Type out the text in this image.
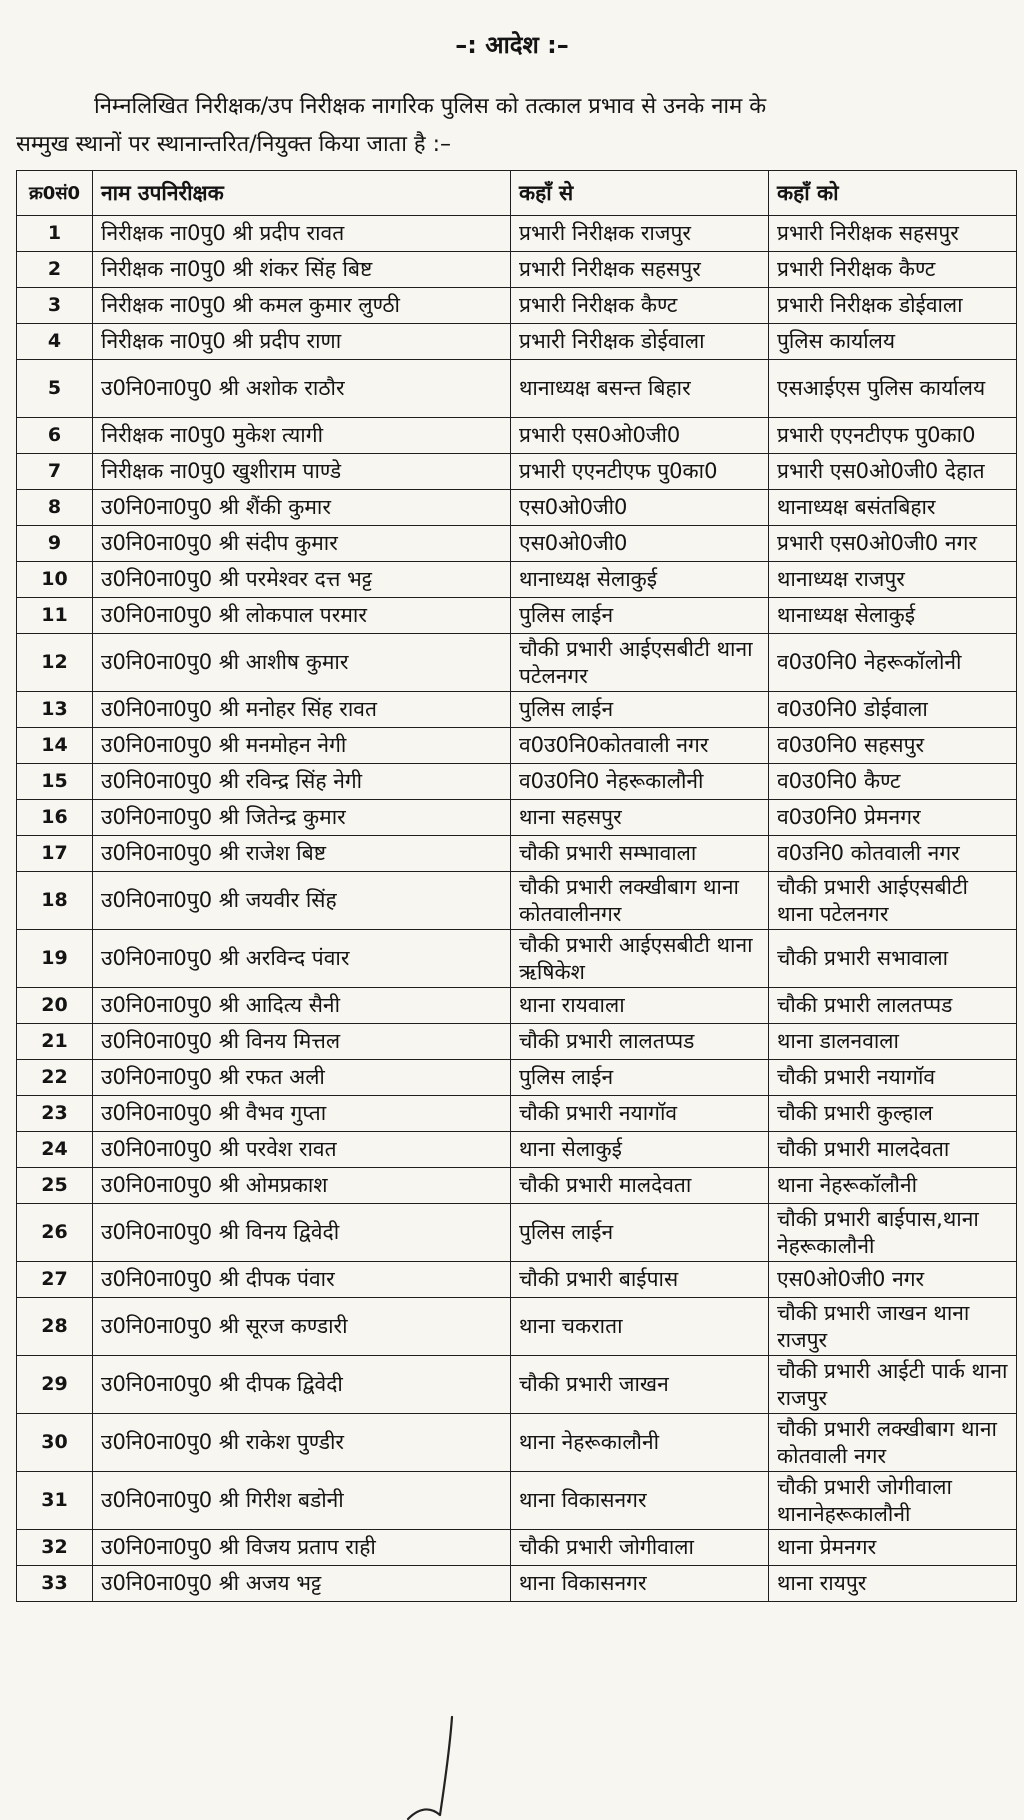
–: आदेश :–
निम्नलिखित निरीक्षक/उप निरीक्षक नागरिक पुलिस को तत्काल प्रभाव से उनके नाम के
सम्मुख स्थानों पर स्थानान्तरित/नियुक्त किया जाता है :–
क्र0सं0	नाम उपनिरीक्षक	कहाँ से	कहाँ को
1	निरीक्षक ना0पु0 श्री प्रदीप रावत	प्रभारी निरीक्षक राजपुर	प्रभारी निरीक्षक सहसपुर
2	निरीक्षक ना0पु0 श्री शंकर सिंह बिष्ट	प्रभारी निरीक्षक सहसपुर	प्रभारी निरीक्षक कैण्ट
3	निरीक्षक ना0पु0 श्री कमल कुमार लुण्ठी	प्रभारी निरीक्षक कैण्ट	प्रभारी निरीक्षक डोईवाला
4	निरीक्षक ना0पु0 श्री प्रदीप राणा	प्रभारी निरीक्षक डोईवाला	पुलिस कार्यालय
5	उ0नि0ना0पु0 श्री अशोक राठौर	थानाध्यक्ष बसन्त बिहार	एसआईएस पुलिस कार्यालय
6	निरीक्षक ना0पु0 मुकेश त्यागी	प्रभारी एस0ओ0जी0	प्रभारी एएनटीएफ पु0का0
7	निरीक्षक ना0पु0 खुशीराम पाण्डे	प्रभारी एएनटीएफ पु0का0	प्रभारी एस0ओ0जी0 देहात
8	उ0नि0ना0पु0 श्री शैंकी कुमार	एस0ओ0जी0	थानाध्यक्ष बसंतबिहार
9	उ0नि0ना0पु0 श्री संदीप कुमार	एस0ओ0जी0	प्रभारी एस0ओ0जी0 नगर
10	उ0नि0ना0पु0 श्री परमेश्वर दत्त भट्ट	थानाध्यक्ष सेलाकुई	थानाध्यक्ष राजपुर
11	उ0नि0ना0पु0 श्री लोकपाल परमार	पुलिस लाईन	थानाध्यक्ष सेलाकुई
12	उ0नि0ना0पु0 श्री आशीष कुमार	चौकी प्रभारी आईएसबीटी थाना पटेलनगर	व0उ0नि0 नेहरूकॉलोनी
13	उ0नि0ना0पु0 श्री मनोहर सिंह रावत	पुलिस लाईन	व0उ0नि0 डोईवाला
14	उ0नि0ना0पु0 श्री मनमोहन नेगी	व0उ0नि0कोतवाली नगर	व0उ0नि0 सहसपुर
15	उ0नि0ना0पु0 श्री रविन्द्र सिंह नेगी	व0उ0नि0 नेहरूकालौनी	व0उ0नि0 कैण्ट
16	उ0नि0ना0पु0 श्री जितेन्द्र कुमार	थाना सहसपुर	व0उ0नि0 प्रेमनगर
17	उ0नि0ना0पु0 श्री राजेश बिष्ट	चौकी प्रभारी सम्भावाला	व0उनि0 कोतवाली नगर
18	उ0नि0ना0पु0 श्री जयवीर सिंह	चौकी प्रभारी लक्खीबाग थाना कोतवालीनगर	चौकी प्रभारी आईएसबीटी थाना पटेलनगर
19	उ0नि0ना0पु0 श्री अरविन्द पंवार	चौकी प्रभारी आईएसबीटी थाना ऋषिकेश	चौकी प्रभारी सभावाला
20	उ0नि0ना0पु0 श्री आदित्य सैनी	थाना रायवाला	चौकी प्रभारी लालतप्पड
21	उ0नि0ना0पु0 श्री विनय मित्तल	चौकी प्रभारी लालतप्पड	थाना डालनवाला
22	उ0नि0ना0पु0 श्री रफत अली	पुलिस लाईन	चौकी प्रभारी नयागॉव
23	उ0नि0ना0पु0 श्री वैभव गुप्ता	चौकी प्रभारी नयागॉव	चौकी प्रभारी कुल्हाल
24	उ0नि0ना0पु0 श्री परवेश रावत	थाना सेलाकुई	चौकी प्रभारी मालदेवता
25	उ0नि0ना0पु0 श्री ओमप्रकाश	चौकी प्रभारी मालदेवता	थाना नेहरूकॉलौनी
26	उ0नि0ना0पु0 श्री विनय द्विवेदी	पुलिस लाईन	चौकी प्रभारी बाईपास,थाना नेहरूकालौनी
27	उ0नि0ना0पु0 श्री दीपक पंवार	चौकी प्रभारी बाईपास	एस0ओ0जी0 नगर
28	उ0नि0ना0पु0 श्री सूरज कण्डारी	थाना चकराता	चौकी प्रभारी जाखन थाना राजपुर
29	उ0नि0ना0पु0 श्री दीपक द्विवेदी	चौकी प्रभारी जाखन	चौकी प्रभारी आईटी पार्क थाना राजपुर
30	उ0नि0ना0पु0 श्री राकेश पुण्डीर	थाना नेहरूकालौनी	चौकी प्रभारी लक्खीबाग थाना कोतवाली नगर
31	उ0नि0ना0पु0 श्री गिरीश बडोनी	थाना विकासनगर	चौकी प्रभारी जोगीवाला थानानेहरूकालौनी
32	उ0नि0ना0पु0 श्री विजय प्रताप राही	चौकी प्रभारी जोगीवाला	थाना प्रेमनगर
33	उ0नि0ना0पु0 श्री अजय भट्ट	थाना विकासनगर	थाना रायपुर
